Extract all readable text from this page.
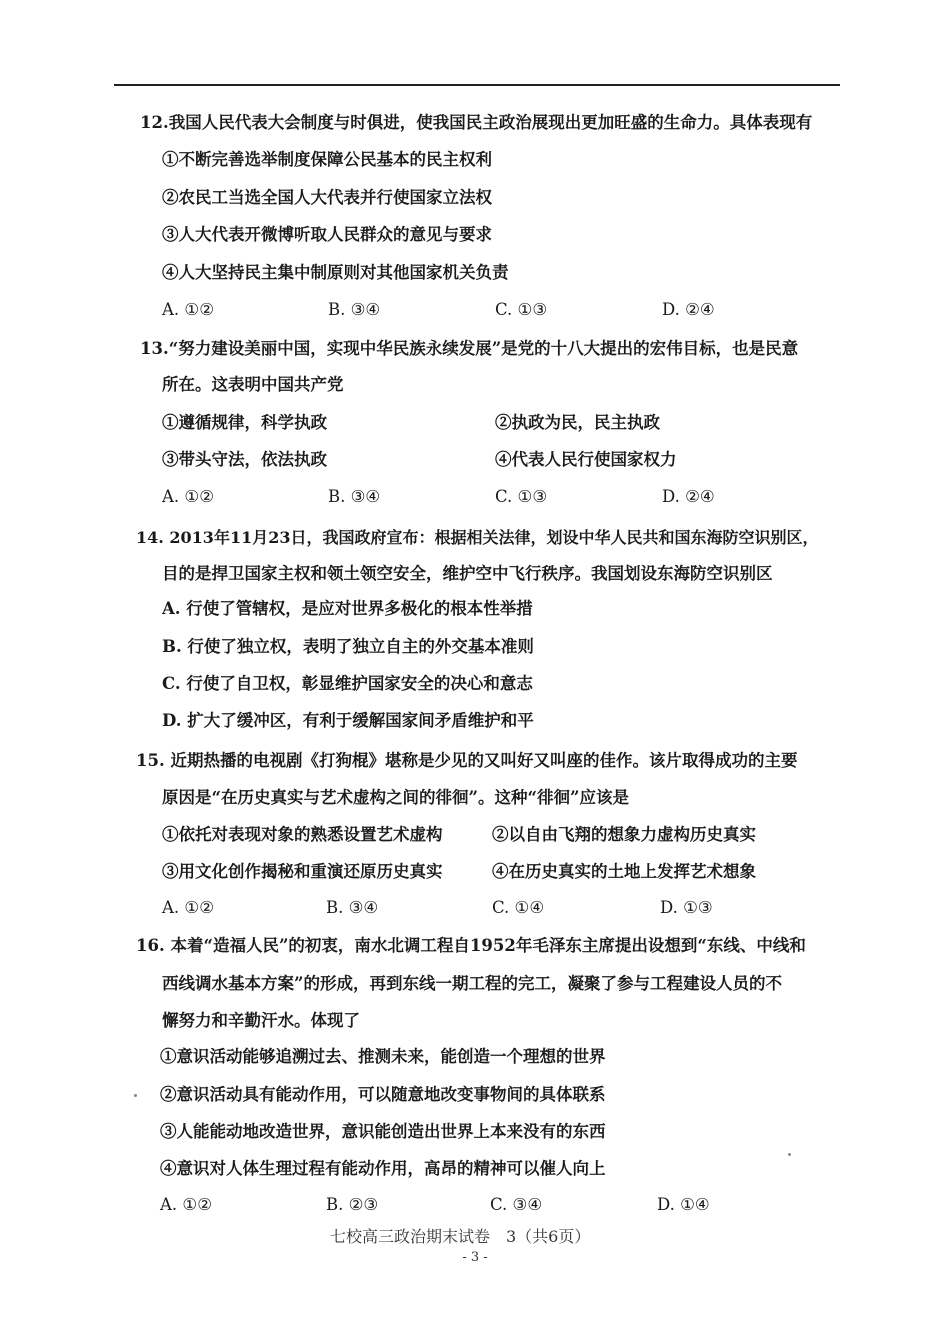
12.我国人民代表大会制度与时俱进，使我国民主政治展现出更加旺盛的生命力。具体表现有
①不断完善选举制度保障公民基本的民主权利
②农民工当选全国人大代表并行使国家立法权
③人大代表开微博听取人民群众的意见与要求
④人大坚持民主集中制原则对其他国家机关负责
A. ①②	B. ③④	C. ①③	D. ②④
13.“努力建设美丽中国，实现中华民族永续发展”是党的十八大提出的宏伟目标，也是民意
所在。这表明中国共产党
①遵循规律，科学执政	②执政为民，民主执政
③带头守法，依法执政	④代表人民行使国家权力
A. ①②	B. ③④	C. ①③	D. ②④
14. 2013年11月23日，我国政府宣布：根据相关法律，划设中华人民共和国东海防空识别区，
目的是捍卫国家主权和领土领空安全，维护空中飞行秩序。我国划设东海防空识别区
A. 行使了管辖权，是应对世界多极化的根本性举措
B. 行使了独立权，表明了独立自主的外交基本准则
C. 行使了自卫权，彰显维护国家安全的决心和意志
D. 扩大了缓冲区，有利于缓解国家间矛盾维护和平
15. 近期热播的电视剧《打狗棍》堪称是少见的又叫好又叫座的佳作。该片取得成功的主要
原因是“在历史真实与艺术虚构之间的徘徊”。这种“徘徊”应该是
①依托对表现对象的熟悉设置艺术虚构	②以自由飞翔的想象力虚构历史真实
③用文化创作揭秘和重演还原历史真实	④在历史真实的土地上发挥艺术想象
A. ①②	B. ③④	C. ①④	D. ①③
16. 本着“造福人民”的初衷，南水北调工程自1952年毛泽东主席提出设想到“东线、中线和
西线调水基本方案”的形成，再到东线一期工程的完工，凝聚了参与工程建设人员的不
懈努力和辛勤汗水。体现了
①意识活动能够追溯过去、推测未来，能创造一个理想的世界
②意识活动具有能动作用，可以随意地改变事物间的具体联系
③人能能动地改造世界，意识能创造出世界上本来没有的东西
④意识对人体生理过程有能动作用，高昂的精神可以催人向上
A. ①②	B. ②③	C. ③④	D. ①④
七校高三政治期末试卷　3（共6页）
- 3 -
